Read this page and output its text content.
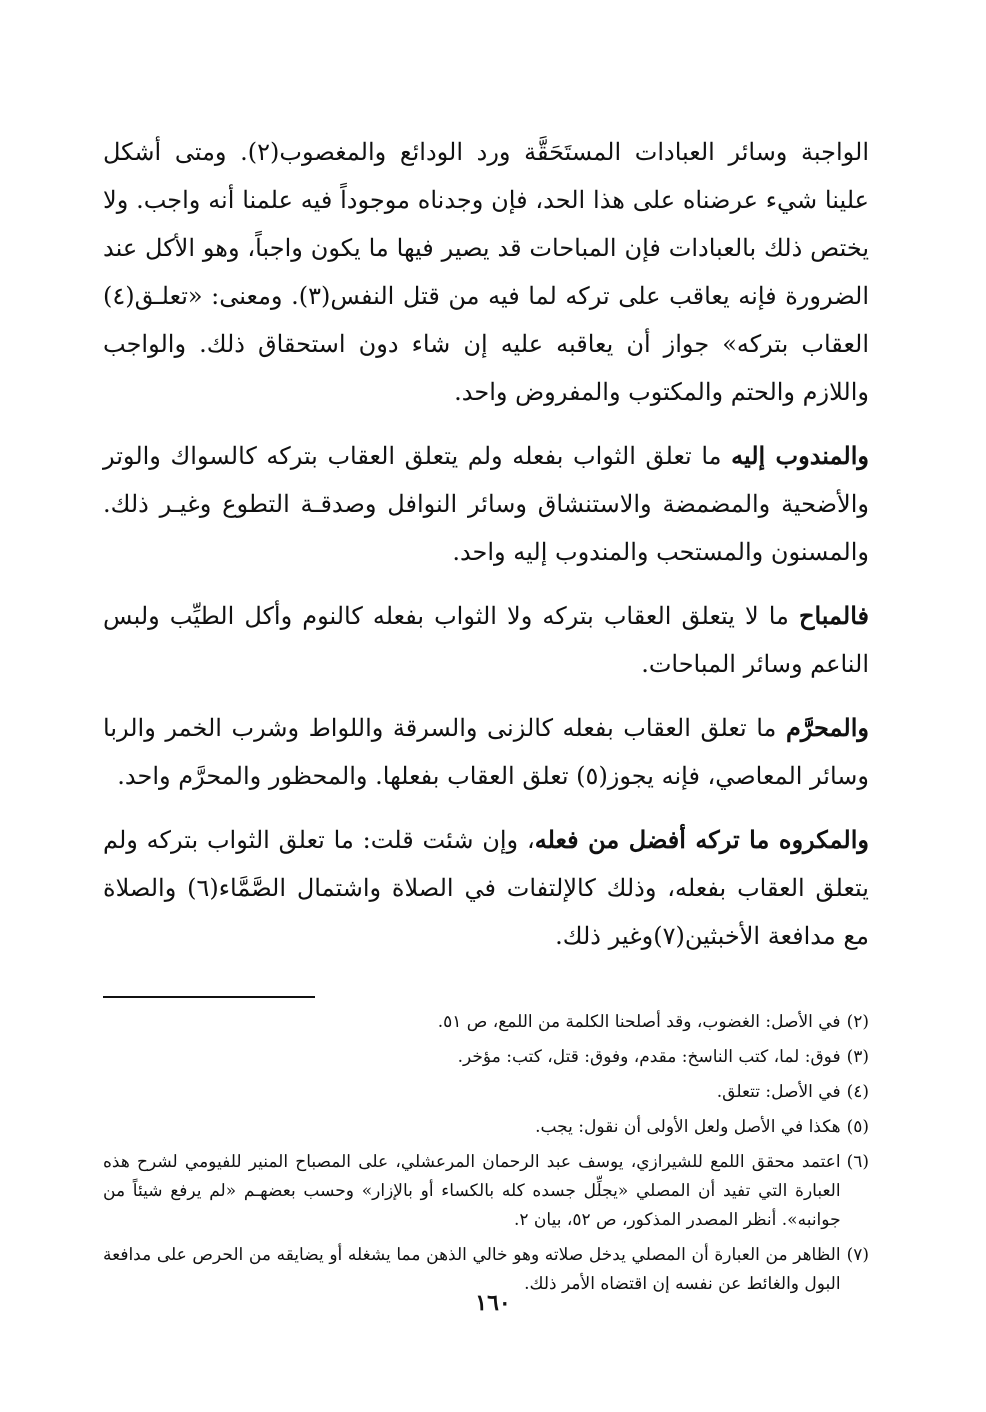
الواجبة وسائر العبادات المستَحَقَّة ورد الودائع والمغصوب(٢). ومتى أشكل علينا شيء عرضناه على هذا الحد، فإن وجدناه موجوداً فيه علمنا أنه واجب. ولا يختص ذلك بالعبادات فإن المباحات قد يصير فيها ما يكون واجباً، وهو الأكل عند الضرورة فإنه يعاقب على تركه لما فيه من قتل النفس(٣). ومعنى: «تعلـق(٤) العقاب بتركه» جواز أن يعاقبه عليه إن شاء دون استحقاق ذلك. والواجب واللازم والحتم والمكتوب والمفروض واحد.

والمندوب إليه ما تعلق الثواب بفعله ولم يتعلق العقاب بتركه كالسواك والوتر والأضحية والمضمضة والاستنشاق وسائر النوافل وصدقـة التطوع وغيـر ذلك. والمسنون والمستحب والمندوب إليه واحد.

فالمباح ما لا يتعلق العقاب بتركه ولا الثواب بفعله كالنوم وأكل الطيِّب ولبس الناعم وسائر المباحات.

والمحرَّم ما تعلق العقاب بفعله كالزنى والسرقة واللواط وشرب الخمر والربا وسائر المعاصي، فإنه يجوز(٥) تعلق العقاب بفعلها. والمحظور والمحرَّم واحد.

والمكروه ما تركه أفضل من فعله، وإن شئت قلت: ما تعلق الثواب بتركه ولم يتعلق العقاب بفعله، وذلك كالإلتفات في الصلاة واشتمال الصَّمَّاء(٦) والصلاة مع مدافعة الأخبثين(٧)وغير ذلك.

(٢)
في الأصل: الغضوب، وقد أصلحنا الكلمة من اللمع، ص ٥١.
(٣)
فوق: لما، كتب الناسخ: مقدم، وفوق: قتل، كتب: مؤخر.
(٤)
في الأصل: تتعلق.
(٥)
هكذا في الأصل ولعل الأولى أن نقول: يجب.
(٦)
اعتمد محقق اللمع للشيرازي، يوسف عبد الرحمان المرعشلي، على المصباح المنير للفيومي لشرح هذه العبارة التي تفيد أن المصلي «يجلِّل جسده كله بالكساء أو بالإزار» وحسب بعضهـم «لم يرفع شيئاً من جوانبه». أنظر المصدر المذكور، ص ٥٢، بيان ٢.
(٧)
الظاهر من العبارة أن المصلي يدخل صلاته وهو خالي الذهن مما يشغله أو يضايقه من الحرص على مدافعة البول والغائط عن نفسه إن اقتضاه الأمر ذلك.
١٦٠
